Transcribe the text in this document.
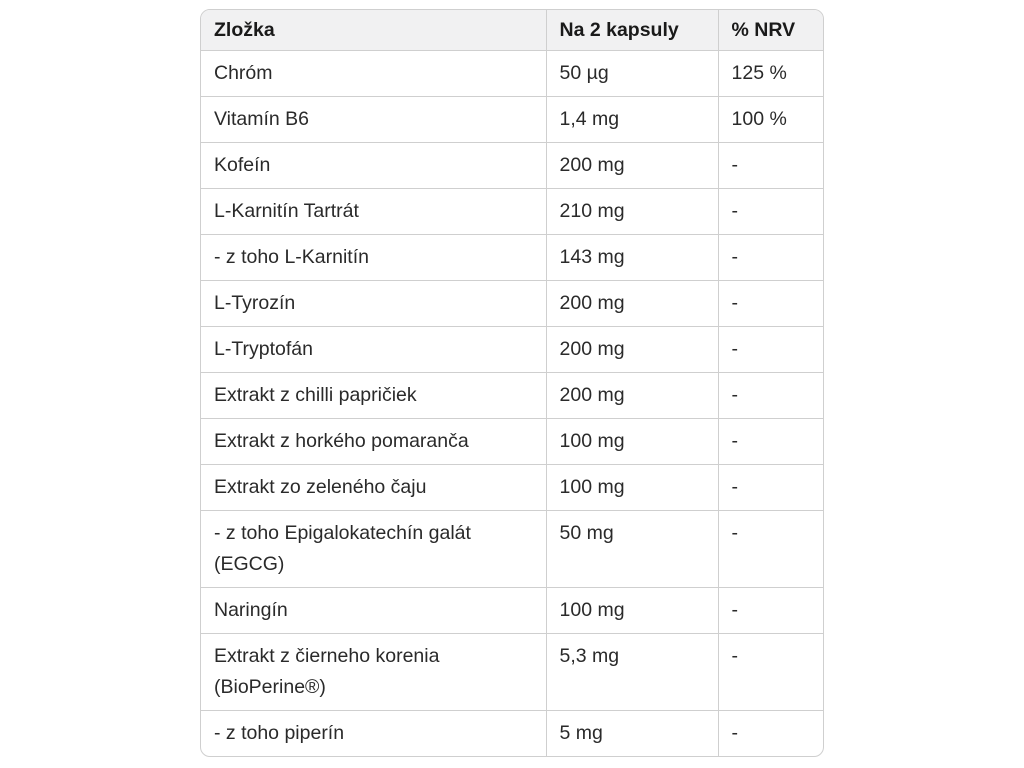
Zložka	Na 2 kapsuly	% NRV
Chróm	50 µg	125 %
Vitamín B6	1,4 mg	100 %
Kofeín	200 mg	-
L-Karnitín Tartrát	210 mg	-
- z toho L-Karnitín	143 mg	-
L-Tyrozín	200 mg	-
L-Tryptofán	200 mg	-
Extrakt z chilli papričiek	200 mg	-
Extrakt z horkého pomaranča	100 mg	-
Extrakt zo zeleného čaju	100 mg	-
- z toho Epigalokatechín galát (EGCG)	50 mg	-
Naringín	100 mg	-
Extrakt z čierneho korenia (BioPerine®)	5,3 mg	-
- z toho piperín	5 mg	-
